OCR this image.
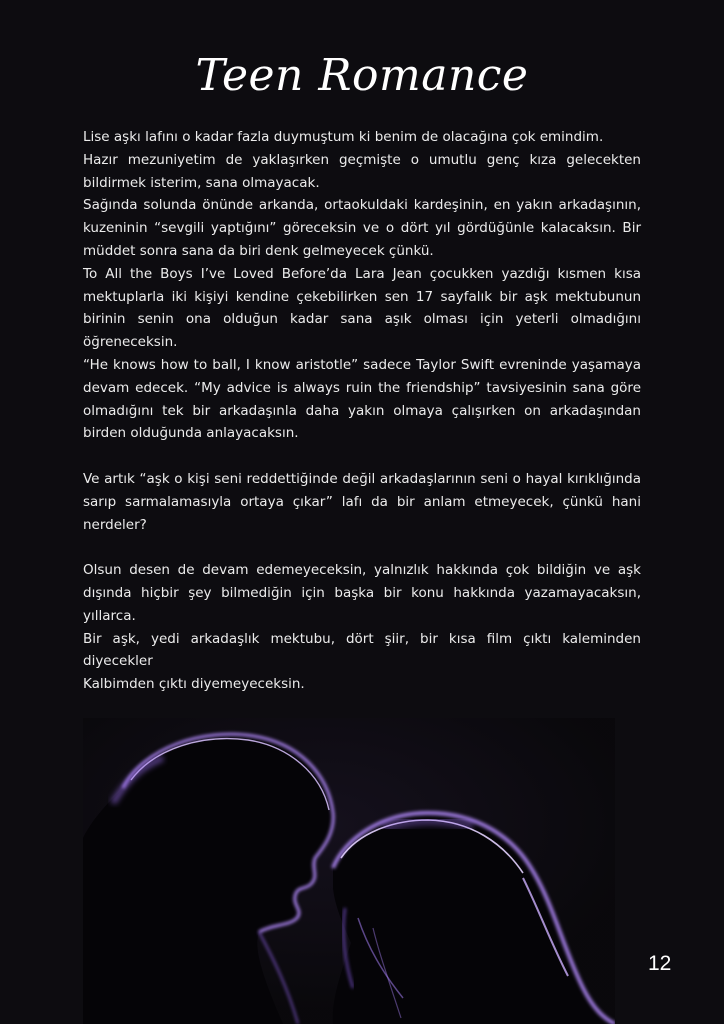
Teen Romance

Lise aşkı lafını o kadar fazla duymuştum ki benim de olacağına çok emindim.

Hazır mezuniyetim de yaklaşırken geçmişte o umutlu genç kıza gelecekten bildirmek isterim, sana olmayacak.

Sağında solunda önünde arkanda, ortaokuldaki kardeşinin, en yakın arkadaşının, kuzeninin “sevgili yaptığını” göreceksin ve o dört yıl gördüğünle kalacaksın. Bir müddet sonra sana da biri denk gelmeyecek çünkü.

To All the Boys I’ve Loved Before’da Lara Jean çocukken yazdığı kısmen kısa mektuplarla iki kişiyi kendine çekebilirken sen 17 sayfalık bir aşk mektubunun birinin senin ona olduğun kadar sana aşık olması için yeterli olmadığını öğreneceksin.

“He knows how to ball, I know aristotle” sadece Taylor Swift evreninde yaşamaya devam edecek. “My advice is always ruin the friendship” tavsiyesinin sana göre olmadığını tek bir arkadaşınla daha yakın olmaya çalışırken on arkadaşından birden olduğunda anlayacaksın.

Ve artık “aşk o kişi seni reddettiğinde değil arkadaşlarının seni o hayal kırıklığında sarıp sarmalamasıyla ortaya çıkar” lafı da bir anlam etmeyecek, çünkü hani nerdeler?

Olsun desen de devam edemeyeceksin, yalnızlık hakkında çok bildiğin ve aşk dışında hiçbir şey bilmediğin için başka bir konu hakkında yazamayacaksın, yıllarca.

Bir aşk, yedi arkadaşlık mektubu, dört şiir, bir kısa film çıktı kaleminden diyecekler

Kalbimden çıktı diyemeyeceksin.

12
